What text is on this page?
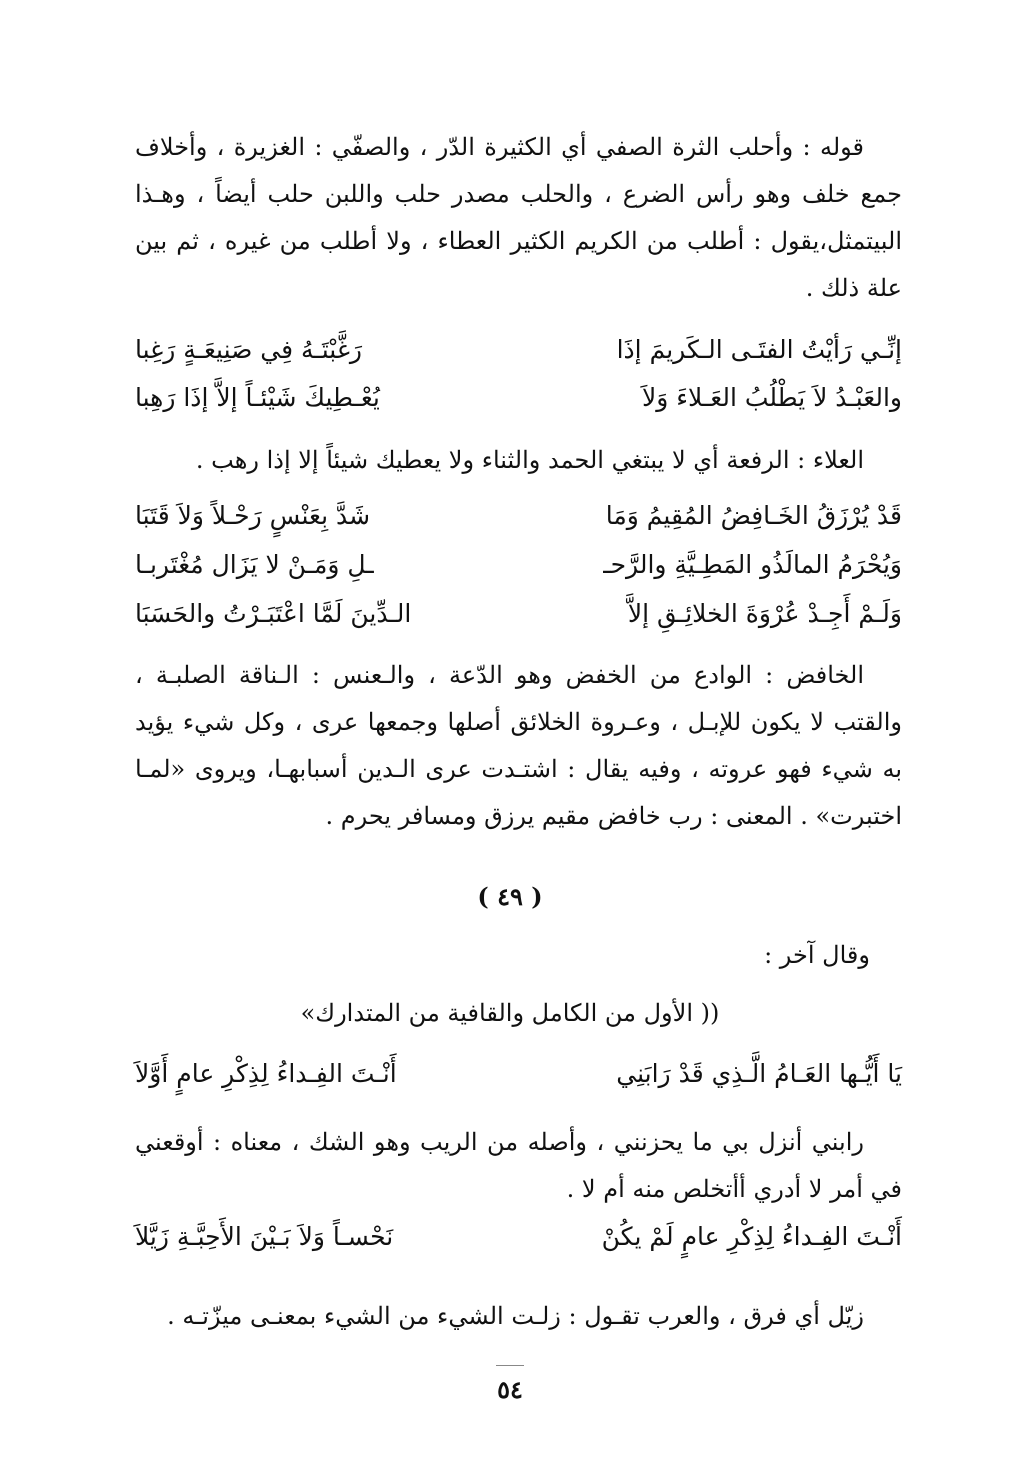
قوله : وأحلب الثرة الصفي أي الكثيرة الدّر ، والصفّي : الغزيرة ، وأخلاف جمع خلف وهو رأس الضرع ، والحلب مصدر حلب واللبن حلب أيضاً ، وهـذا البيتمثل،يقول : أطلب من الكريم الكثير العطاء ، ولا أطلب من غيره ، ثم بين علة ذلك .
إنِّـي رَأيْتُ الفتَـى الـكَريمَ إذَا
رَغَّبْتَـهُ فِي صَنِيعَـةٍ رَغِبا
والعَبْـدُ لاَ يَطْلُبُ العَـلاءَ وَلاَ
يُعْـطِيكَ شَيْئـاً إلاَّ إذَا رَهِبا
العلاء : الرفعة أي لا يبتغي الحمد والثناء ولا يعطيك شيئاً إلا إذا رهب .
قَدْ يُرْزَقُ الخَـافِضُ المُقِيمُ وَمَا
شَدَّ بِعَنْسٍ رَحْـلاً وَلاَ قَتَبَا
وَيُحْرَمُ المالَذُو المَطِـيَّةِ والرَّحـ
ـلِ وَمَـنْ لا يَزَال مُغْتَربـا
وَلَـمْ أَجِـدْ عُرْوَةَ الخلائِـقِ إلاَّ
الـدِّينَ لَمَّا اعْتَبَـرْتُ والحَسَبَا
الخافض : الوادع من الخفض وهو الدّعة ، والـعنس : الـناقة الصلبـة ، والقتب لا يكون للإبـل ، وعـروة الخلائق أصلها وجمعها عرى ، وكل شيء يؤيد به شيء فهو عروته ، وفيه يقال : اشتـدت عرى الـدين أسبابهـا، ويروى «لمـا اختبرت» . المعنى : رب خافض مقيم يرزق ومسافر يحرم .
( ٤٩ )
وقال آخر :
(( الأول من الكامل والقافية من المتدارك»
يَا أَيُّـها العَـامُ الَّـذِي قَدْ رَابَنِي
أَنْـتَ الفِـداءُ لِذِكْرِ عامٍ أَوَّلاَ
رابني أنزل بي ما يحزنني ، وأصله من الريب وهو الشك ، معناه : أوقعني في أمر لا أدري أأتخلص منه أم لا .
أَنْـتَ الفِـداءُ لِذِكْرِ عامٍ لَمْ يكُنْ
نَحْسـاً وَلاَ بَـيْنَ الأَحِبَّـةِ زَيَّلاَ
زيّل أي فرق ، والعرب تقـول : زلـت الشيء من الشيء بمعنـى ميزّتـه .
٥٤
